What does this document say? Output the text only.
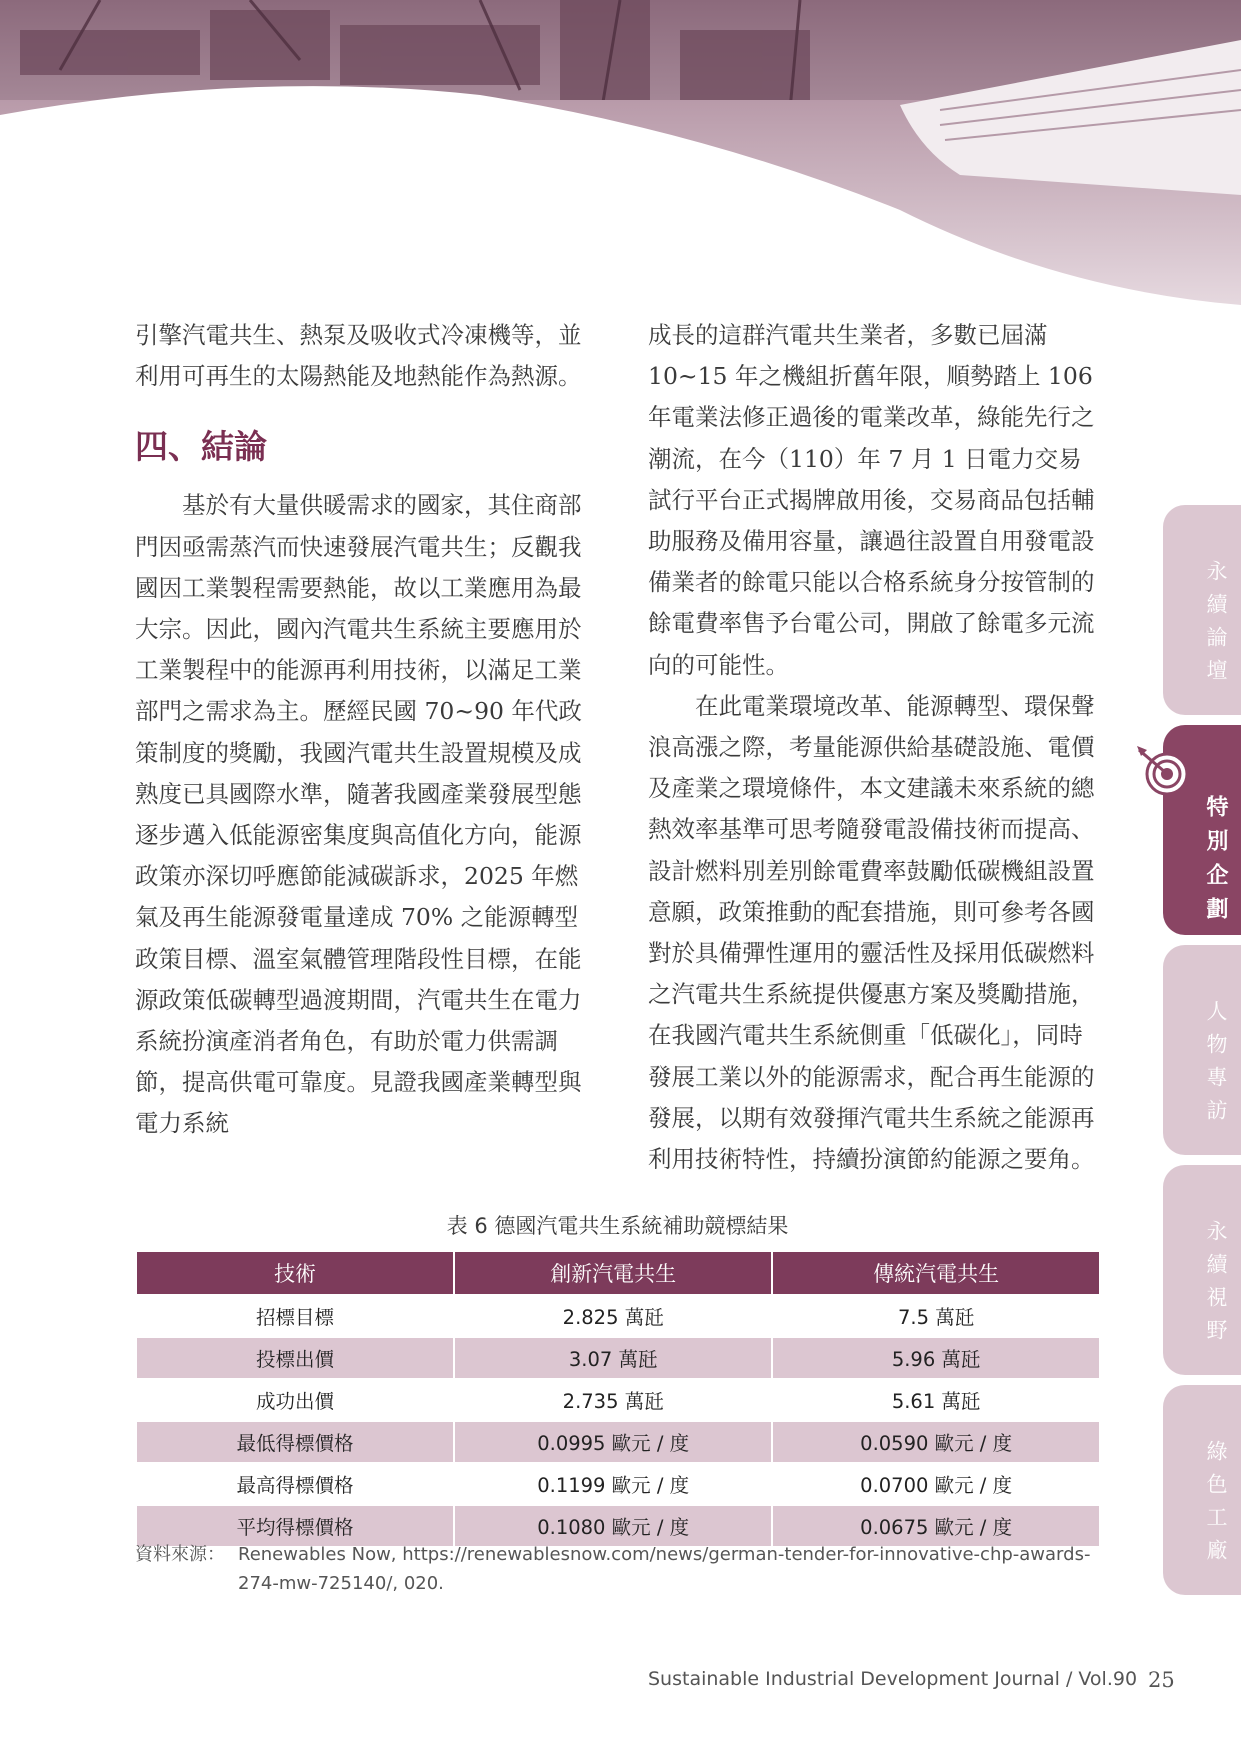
引擎汽電共生、熱泵及吸收式冷凍機等，並利用可再生的太陽熱能及地熱能作為熱源。

四、結論

基於有大量供暖需求的國家，其住商部門因亟需蒸汽而快速發展汽電共生；反觀我國因工業製程需要熱能，故以工業應用為最大宗。因此，國內汽電共生系統主要應用於工業製程中的能源再利用技術，以滿足工業部門之需求為主。歷經民國 70~90 年代政策制度的獎勵，我國汽電共生設置規模及成熟度已具國際水準，隨著我國產業發展型態逐步邁入低能源密集度與高值化方向，能源政策亦深切呼應節能減碳訴求，2025 年燃氣及再生能源發電量達成 70% 之能源轉型政策目標、溫室氣體管理階段性目標，在能源政策低碳轉型過渡期間，汽電共生在電力系統扮演產消者角色，有助於電力供需調節，提高供電可靠度。見證我國產業轉型與電力系統

成長的這群汽電共生業者，多數已屆滿 10~15 年之機組折舊年限，順勢踏上 106 年電業法修正過後的電業改革，綠能先行之潮流，在今（110）年 7 月 1 日電力交易試行平台正式揭牌啟用後，交易商品包括輔助服務及備用容量，讓過往設置自用發電設備業者的餘電只能以合格系統身分按管制的餘電費率售予台電公司，開啟了餘電多元流向的可能性。

在此電業環境改革、能源轉型、環保聲浪高漲之際，考量能源供給基礎設施、電價及產業之環境條件，本文建議未來系統的總熱效率基準可思考隨發電設備技術而提高、設計燃料別差別餘電費率鼓勵低碳機組設置意願，政策推動的配套措施，則可參考各國對於具備彈性運用的靈活性及採用低碳燃料之汽電共生系統提供優惠方案及獎勵措施，在我國汽電共生系統側重「低碳化」，同時發展工業以外的能源需求，配合再生能源的發展，以期有效發揮汽電共生系統之能源再利用技術特性，持續扮演節約能源之要角。

表 6 德國汽電共生系統補助競標結果
技術	創新汽電共生	傳統汽電共生
招標目標	2.825 萬瓩	7.5 萬瓩
投標出價	3.07 萬瓩	5.96 萬瓩
成功出價	2.735 萬瓩	5.61 萬瓩
最低得標價格	0.0995 歐元 / 度	0.0590 歐元 / 度
最高得標價格	0.1199 歐元 / 度	0.0700 歐元 / 度
平均得標價格	0.1080 歐元 / 度	0.0675 歐元 / 度
資料來源： Renewables Now, https://renewablesnow.com/news/german-tender-for-innovative-chp-awards-274-mw-725140/, 020.
永續論壇
特別企劃
人物專訪
永續視野
綠色工廠
Sustainable Industrial Development Journal / Vol.90 25
